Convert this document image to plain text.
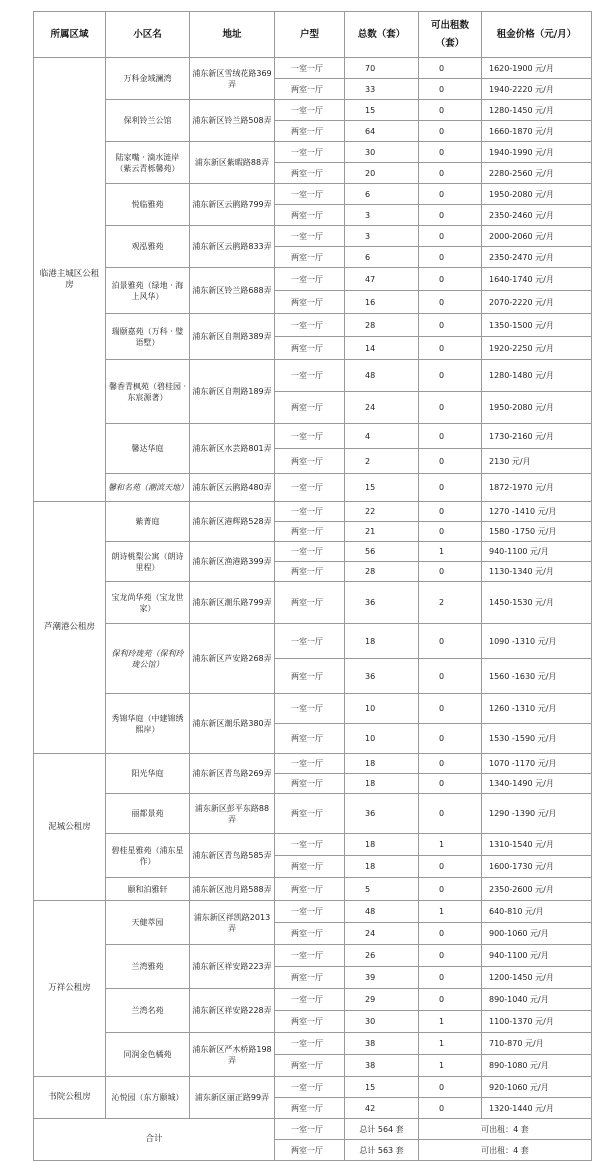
所属区域	小区名	地址	户型	总数（套）	可出租数（套）	租金价格（元/月）
临港主城区公租房	万科金域澜湾	浦东新区雪绒花路369弄	一室一厅	70	0	1620-1900 元/月
			两室一厅	33	0	1940-2220 元/月
	保利铃兰公馆	浦东新区铃兰路508弄	一室一厅	15	0	1280-1450 元/月
			两室一厅	64	0	1660-1870 元/月
	陆家嘴 · 滴水涟岸（紫云青栎馨苑）	浦东新区紫暇路88弄	一室一厅	30	0	1940-1990 元/月
			两室一厅	20	0	2280-2560 元/月
	悦临雅苑	浦东新区云鹃路799弄	一室一厅	6	0	1950-2080 元/月
			两室一厅	3	0	2350-2460 元/月
	观泓雅苑	浦东新区云鹃路833弄	一室一厅	3	0	2000-2060 元/月
			两室一厅	6	0	2350-2470 元/月
	泊景雅苑（绿地 · 海上风华）	浦东新区铃兰路688弄	一室一厅	47	0	1640-1740 元/月
			两室一厅	16	0	2070-2220 元/月
	瑞颐嘉苑（万科 · 璧语墅）	浦东新区自荆路389弄	一室一厅	28	0	1350-1500 元/月
			两室一厅	14	0	1920-2250 元/月
	馨香青枫苑（碧桂园 · 东宸源著）	浦东新区自荆路189弄	一室一厅	48	0	1280-1480 元/月
			两室一厅	24	0	1950-2080 元/月
	馨达华庭	浦东新区水芸路801弄	一室一厅	4	0	1730-2160 元/月
			两室一厅	2	0	2130 元/月
	馨和名苑（潮滨天地）	浦东新区云鹃路480弄	一室一厅	15	0	1872-1970 元/月
芦潮港公租房	紫菁庭	浦东新区港辉路528弄	一室一厅	22	0	1270 -1410 元/月
			两室一厅	21	0	1580 -1750 元/月
	朗诗桃梨公寓（朗诗里程）	浦东新区渔港路399弄	一室一厅	56	1	940-1100 元/月
			两室一厅	28	0	1130-1340 元/月
	宝龙尚华苑（宝龙世家）	浦东新区潮乐路799弄	两室一厅	36	2	1450-1530 元/月
	保利玲珑苑（保利玲珑公馆）	浦东新区芦安路268弄	一室一厅	18	0	1090 -1310 元/月
			两室一厅	36	0	1560 -1630 元/月
	秀锦华庭（中建锦绣熙岸）	浦东新区潮乐路380弄	一室一厅	10	0	1260 -1310 元/月
			两室一厅	10	0	1530 -1590 元/月
泥城公租房	阳光华庭	浦东新区青鸟路269弄	一室一厅	18	0	1070 -1170 元/月
			两室一厅	18	0	1340-1490 元/月
	丽都景苑	浦东新区彭平东路88弄	两室一厅	36	0	1290 -1390 元/月
	碧桂星雅苑（浦东星作）	浦东新区青鸟路585弄	一室一厅	18	1	1310-1540 元/月
			两室一厅	18	0	1600-1730 元/月
	颐和泊雅轩	浦东新区池月路588弄	两室一厅	5	0	2350-2600 元/月
万祥公租房	天健萃园	浦东新区祥凯路2013弄	一室一厅	48	1	640-810 元/月
			两室一厅	24	0	900-1060 元/月
	兰湾雅苑	浦东新区祥安路223弄	一室一厅	26	0	940-1100 元/月
			两室一厅	39	0	1200-1450 元/月
	兰湾名苑	浦东新区祥安路228弄	一室一厅	29	0	890-1040 元/月
			两室一厅	30	1	1100-1370 元/月
	同润金色橘苑	浦东新区严木桥路198弄	一室一厅	38	1	710-870 元/月
			两室一厅	38	1	890-1080 元/月
书院公租房	沁悦园（东方颐城）	浦东新区丽正路99弄	一室一厅	15	0	920-1060 元/月
			两室一厅	42	0	1320-1440 元/月
合计			一室一厅	总计 564 套	可出租：4 套	
			两室一厅	总计 563 套	可出租：4 套	
